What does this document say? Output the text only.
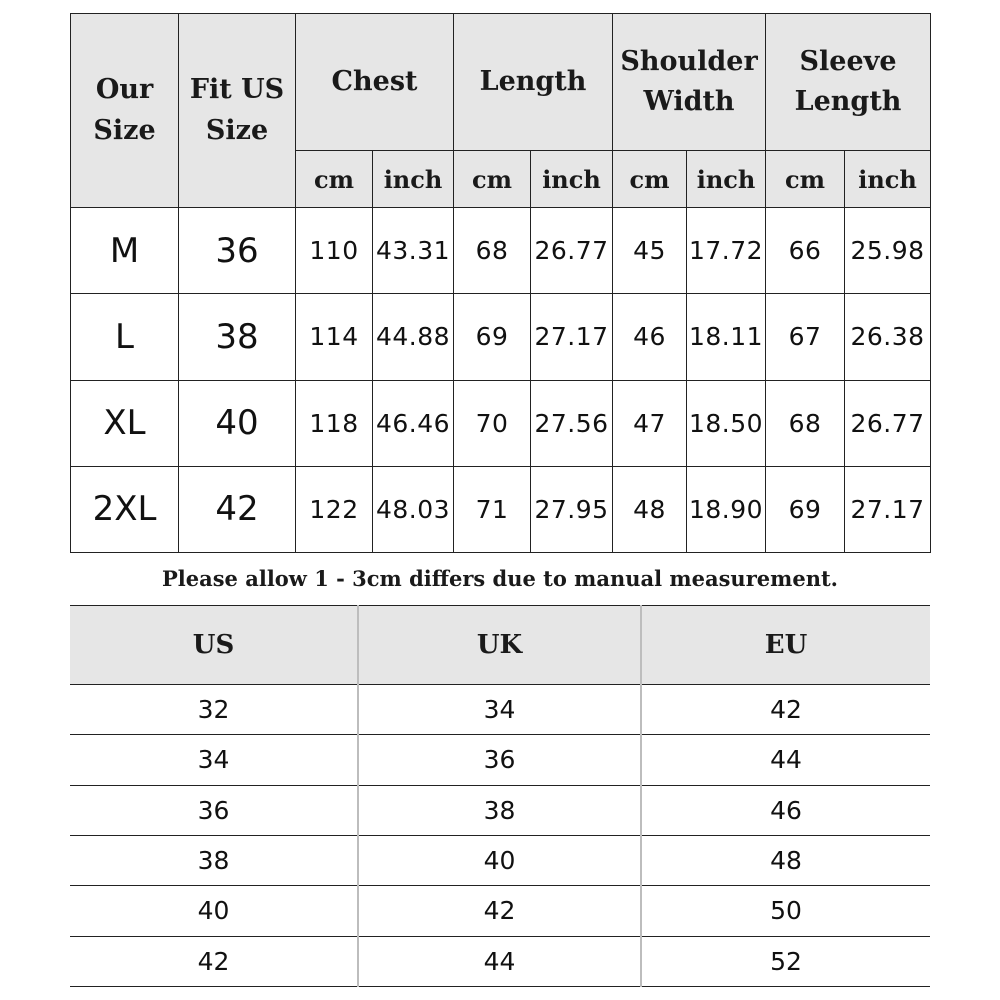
Our Size	Fit US Size	Chest		Length		Shoulder Width		Sleeve Length	
		cm	inch	cm	inch	cm	inch	cm	inch
M	36	110	43.31	68	26.77	45	17.72	66	25.98
L	38	114	44.88	69	27.17	46	18.11	67	26.38
XL	40	118	46.46	70	27.56	47	18.50	68	26.77
2XL	42	122	48.03	71	27.95	48	18.90	69	27.17
Please allow 1 - 3cm differs due to manual measurement.
US	UK	EU
32	34	42
34	36	44
36	38	46
38	40	48
40	42	50
42	44	52
